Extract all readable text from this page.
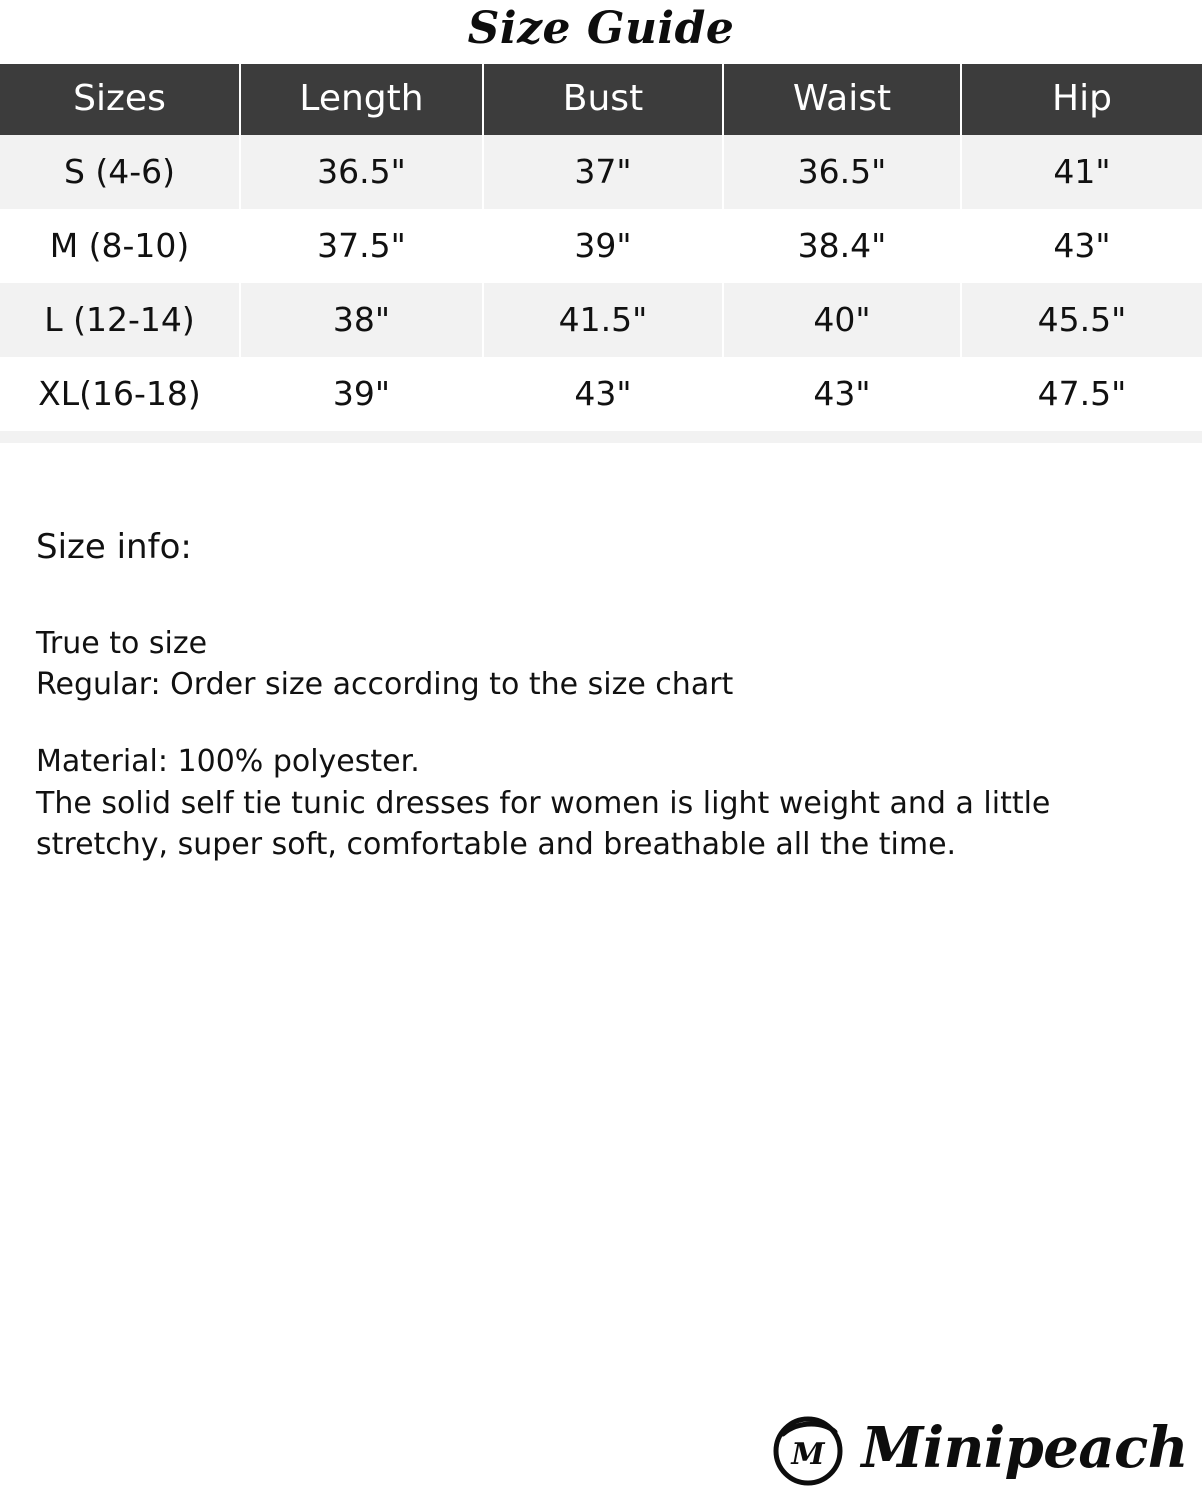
Size Guide
Sizes	Length	Bust	Waist	Hip
S (4-6)	36.5"	37"	36.5"	41"
M (8-10)	37.5"	39"	38.4"	43"
L (12-14)	38"	41.5"	40"	45.5"
XL(16-18)	39"	43"	43"	47.5"
Size info:

True to size

Regular: Order size according to the size chart

Material: 100% polyester.

The solid self tie tunic dresses for women is light weight and a little

stretchy, super soft, comfortable and breathable all the time.

M Minipeach
